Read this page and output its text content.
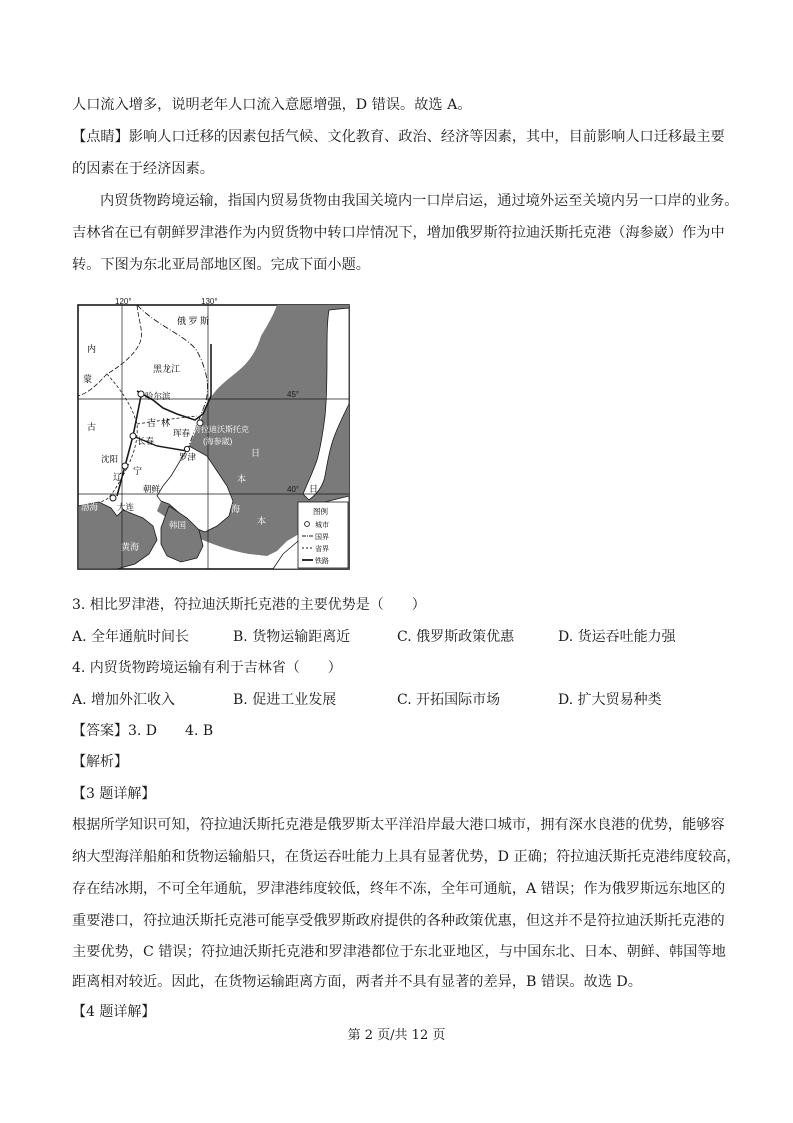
人口流入增多，说明老年人口流入意愿增强，D 错误。故选 A。
【点睛】影响人口迁移的因素包括气候、文化教育、政治、经济等因素，其中，目前影响人口迁移最主要
的因素在于经济因素。
内贸货物跨境运输，指国内贸易货物由我国关境内一口岸启运，通过境外运至关境内另一口岸的业务。
吉林省在已有朝鲜罗津港作为内贸货物中转口岸情况下，增加俄罗斯符拉迪沃斯托克港（海参崴）作为中
转。下图为东北亚局部地区图。完成下面小题。
120°	130°
45°
40°
俄 罗 斯
内
蒙
古
黑龙江
哈尔滨
吉 林
长春
珲春 符拉迪沃斯托克
(海参崴)
沈阳
辽
宁
罗津
朝鲜
大连
渤海
韩国
黄海
日
本
海
日
本
图例
城市
国界
省界
铁路
3. 相比罗津港，符拉迪沃斯托克港的主要优势是（　　）
A. 全年通航时间长	B. 货物运输距离近	C. 俄罗斯政策优惠	D. 货运吞吐能力强
4. 内贸货物跨境运输有利于吉林省（　　）
A. 增加外汇收入	B. 促进工业发展	C. 开拓国际市场	D. 扩大贸易种类
【答案】3. D　　4. B
【解析】
【3 题详解】
根据所学知识可知，符拉迪沃斯托克港是俄罗斯太平洋沿岸最大港口城市，拥有深水良港的优势，能够容
纳大型海洋船舶和货物运输船只，在货运吞吐能力上具有显著优势，D 正确；符拉迪沃斯托克港纬度较高，
存在结冰期，不可全年通航，罗津港纬度较低，终年不冻，全年可通航，A 错误；作为俄罗斯远东地区的
重要港口，符拉迪沃斯托克港可能享受俄罗斯政府提供的各种政策优惠，但这并不是符拉迪沃斯托克港的
主要优势，C 错误；符拉迪沃斯托克港和罗津港都位于东北亚地区，与中国东北、日本、朝鲜、韩国等地
距离相对较近。因此，在货物运输距离方面，两者并不具有显著的差异，B 错误。故选 D。
【4 题详解】
第 2 页/共 12 页
